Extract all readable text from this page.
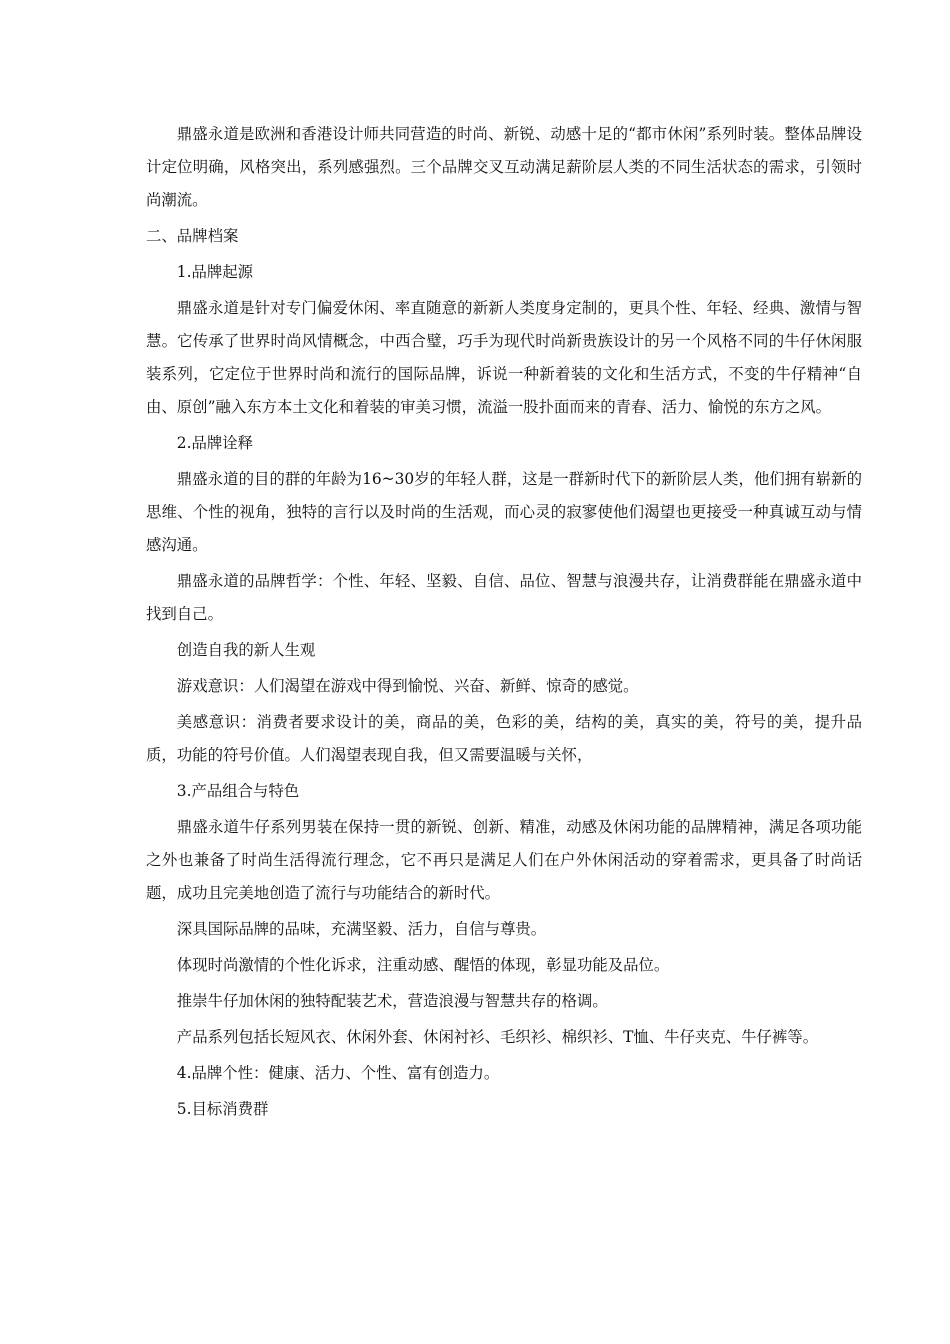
鼎盛永道是欧洲和香港设计师共同营造的时尚、新锐、动感十足的“都市休闲”系列时装。整体品牌设计定位明确，风格突出，系列感强烈。三个品牌交叉互动满足薪阶层人类的不同生活状态的需求，引领时尚潮流。

二、品牌档案

1.品牌起源

鼎盛永道是针对专门偏爱休闲、率直随意的新新人类度身定制的，更具个性、年轻、经典、激情与智慧。它传承了世界时尚风情概念，中西合璧，巧手为现代时尚新贵族设计的另一个风格不同的牛仔休闲服装系列，它定位于世界时尚和流行的国际品牌，诉说一种新着装的文化和生活方式，不变的牛仔精神“自由、原创”融入东方本土文化和着装的审美习惯，流溢一股扑面而来的青春、活力、愉悦的东方之风。

2.品牌诠释

鼎盛永道的目的群的年龄为16~30岁的年轻人群，这是一群新时代下的新阶层人类，他们拥有崭新的思维、个性的视角，独特的言行以及时尚的生活观，而心灵的寂寥使他们渴望也更接受一种真诚互动与情感沟通。

鼎盛永道的品牌哲学：个性、年轻、坚毅、自信、品位、智慧与浪漫共存，让消费群能在鼎盛永道中找到自己。

创造自我的新人生观

游戏意识：人们渴望在游戏中得到愉悦、兴奋、新鲜、惊奇的感觉。

美感意识：消费者要求设计的美，商品的美，色彩的美，结构的美，真实的美，符号的美，提升品质，功能的符号价值。人们渴望表现自我，但又需要温暖与关怀，

3.产品组合与特色

鼎盛永道牛仔系列男装在保持一贯的新锐、创新、精准，动感及休闲功能的品牌精神，满足各项功能之外也兼备了时尚生活得流行理念，它不再只是满足人们在户外休闲活动的穿着需求，更具备了时尚话题，成功且完美地创造了流行与功能结合的新时代。

深具国际品牌的品味，充满坚毅、活力，自信与尊贵。

体现时尚激情的个性化诉求，注重动感、醒悟的体现，彰显功能及品位。

推崇牛仔加休闲的独特配装艺术，营造浪漫与智慧共存的格调。

产品系列包括长短风衣、休闲外套、休闲衬衫、毛织衫、棉织衫、T恤、牛仔夹克、牛仔裤等。

4.品牌个性：健康、活力、个性、富有创造力。

5.目标消费群
